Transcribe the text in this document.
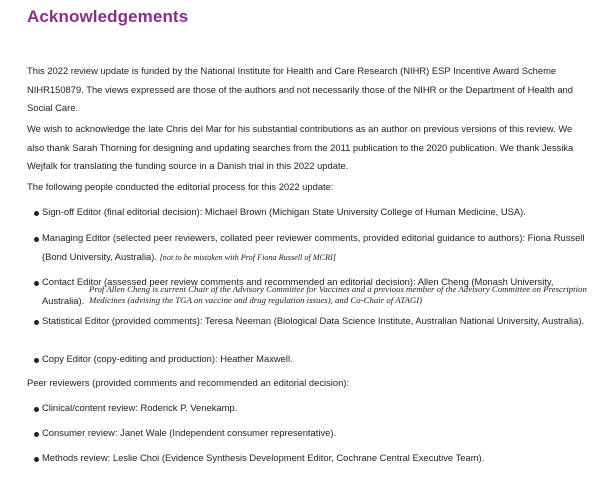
Acknowledgements

This 2022 review update is funded by the National Institute for Health and Care Research (NIHR) ESP Incentive Award Scheme NIHR150879. The views expressed are those of the authors and not necessarily those of the NIHR or the Department of Health and Social Care.

We wish to acknowledge the late Chris del Mar for his substantial contributions as an author on previous versions of this review. We also thank Sarah Thorning for designing and updating searches from the 2011 publication to the 2020 publication. We thank Jessika Wejfalk for translating the funding source in a Danish trial in this 2022 update.

The following people conducted the editorial process for this 2022 update:

Sign-off Editor (final editorial decision): Michael Brown (Michigan State University College of Human Medicine, USA).

Managing Editor (selected peer reviewers, collated peer reviewer comments, provided editorial guidance to authors): Fiona Russell (Bond University, Australia). [not to be mistaken with Prof Fiona Russell of MCRI]

Contact Editor (assessed peer review comments and recommended an editorial decision): Allen Cheng (Monash University, Australia).

Prof Allen Cheng is current Chair of the Advisory Committee for Vaccines and a previous member of the Advisory Committee on Prescription Medicines (advising the TGA on vaccine and drug regulation issues), and Co-Chair of ATAGI)

Statistical Editor (provided comments): Teresa Neeman (Biological Data Science Institute, Australian National University, Australia).

Copy Editor (copy-editing and production): Heather Maxwell.

Peer reviewers (provided comments and recommended an editorial decision):

Clinical/content review: Roderick P. Venekamp.

Consumer review: Janet Wale (Independent consumer representative).

Methods review: Leslie Choi (Evidence Synthesis Development Editor, Cochrane Central Executive Team).
